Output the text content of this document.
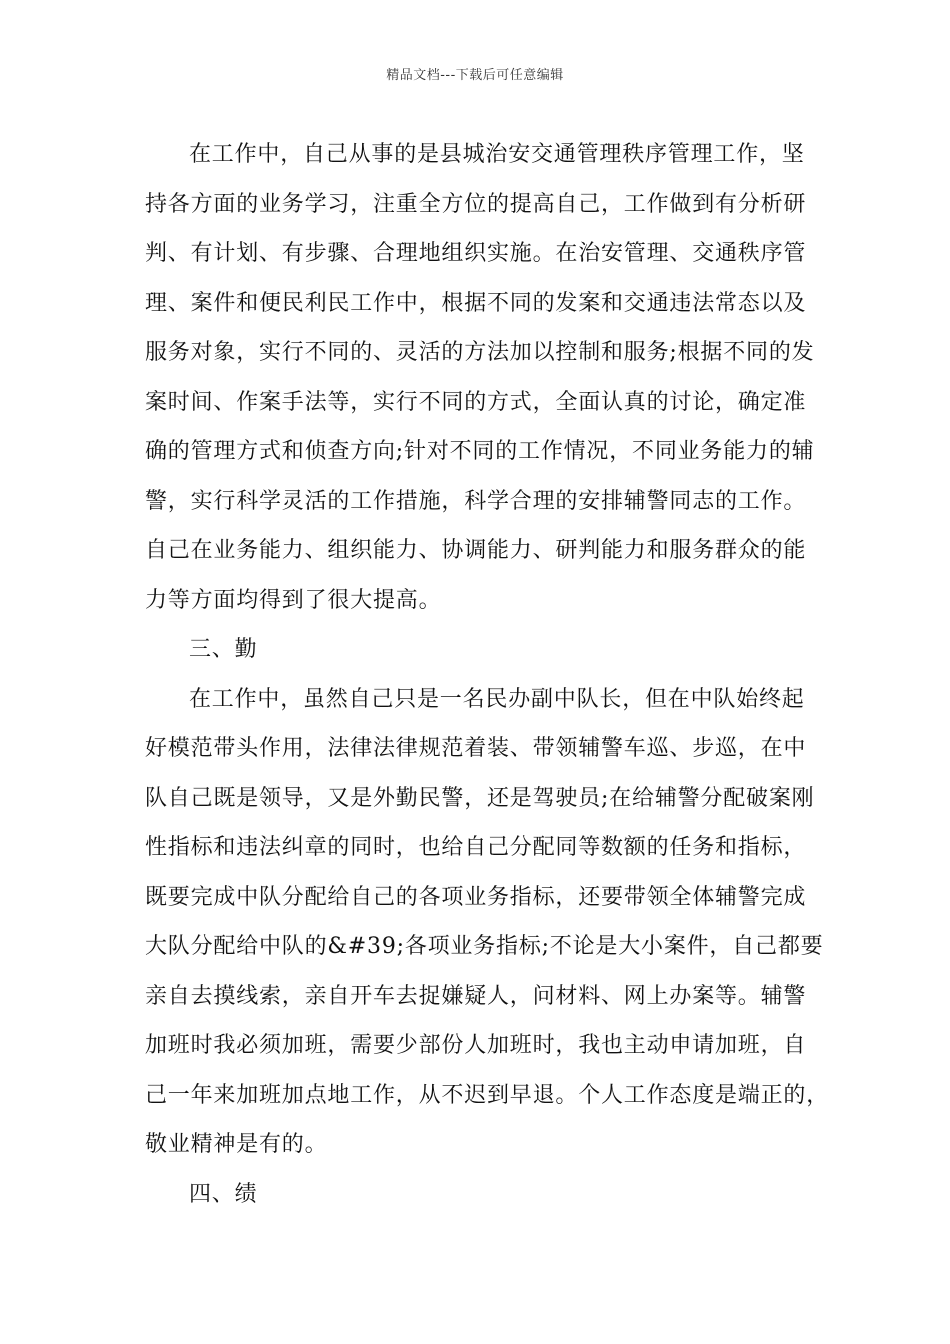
精品文档---下载后可任意编辑
在工作中，自己从事的是县城治安交通管理秩序管理工作，坚
持各方面的业务学习，注重全方位的提高自己，工作做到有分析研
判、有计划、有步骤、合理地组织实施。在治安管理、交通秩序管
理、案件和便民利民工作中，根据不同的发案和交通违法常态以及
服务对象，实行不同的、灵活的方法加以控制和服务;根据不同的发
案时间、作案手法等，实行不同的方式，全面认真的讨论，确定准
确的管理方式和侦查方向;针对不同的工作情况，不同业务能力的辅
警，实行科学灵活的工作措施，科学合理的安排辅警同志的工作。
自己在业务能力、组织能力、协调能力、研判能力和服务群众的能
力等方面均得到了很大提高。
三、勤
在工作中，虽然自己只是一名民办副中队长，但在中队始终起
好模范带头作用，法律法律规范着装、带领辅警车巡、步巡，在中
队自己既是领导，又是外勤民警，还是驾驶员;在给辅警分配破案刚
性指标和违法纠章的同时，也给自己分配同等数额的任务和指标，
既要完成中队分配给自己的各项业务指标，还要带领全体辅警完成
大队分配给中队的&#39;各项业务指标;不论是大小案件，自己都要
亲自去摸线索，亲自开车去捉嫌疑人，问材料、网上办案等。辅警
加班时我必须加班，需要少部份人加班时，我也主动申请加班，自
己一年来加班加点地工作，从不迟到早退。个人工作态度是端正的，
敬业精神是有的。
四、绩
